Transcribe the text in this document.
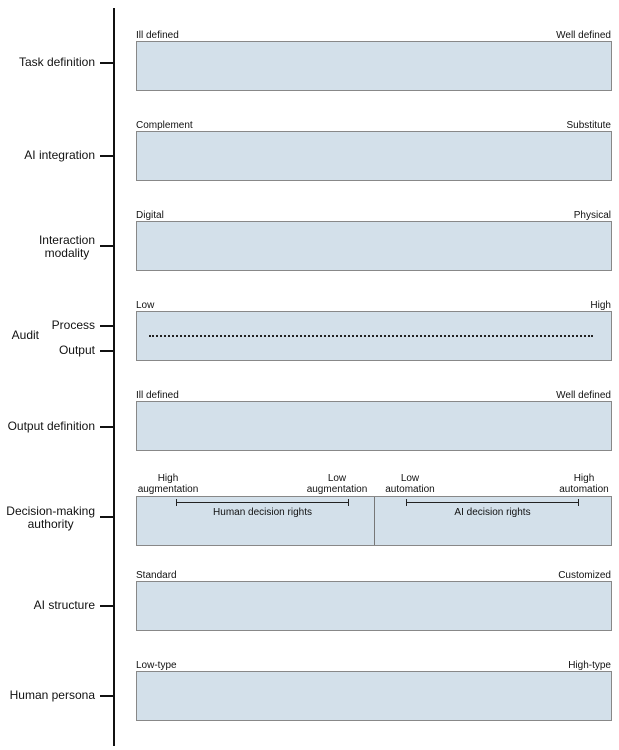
Task definition
Ill defined	Well defined
AI integration
Complement	Substitute
Interaction
modality
Digital	Physical
Audit
Process
Output
Low	High
Output definition
Ill defined	Well defined
Decision-making
authority
High
augmentation
Low
augmentation
Low
automation
High
automation
Human decision rights	AI decision rights
AI structure
Standard	Customized
Human persona
Low-type	High-type
